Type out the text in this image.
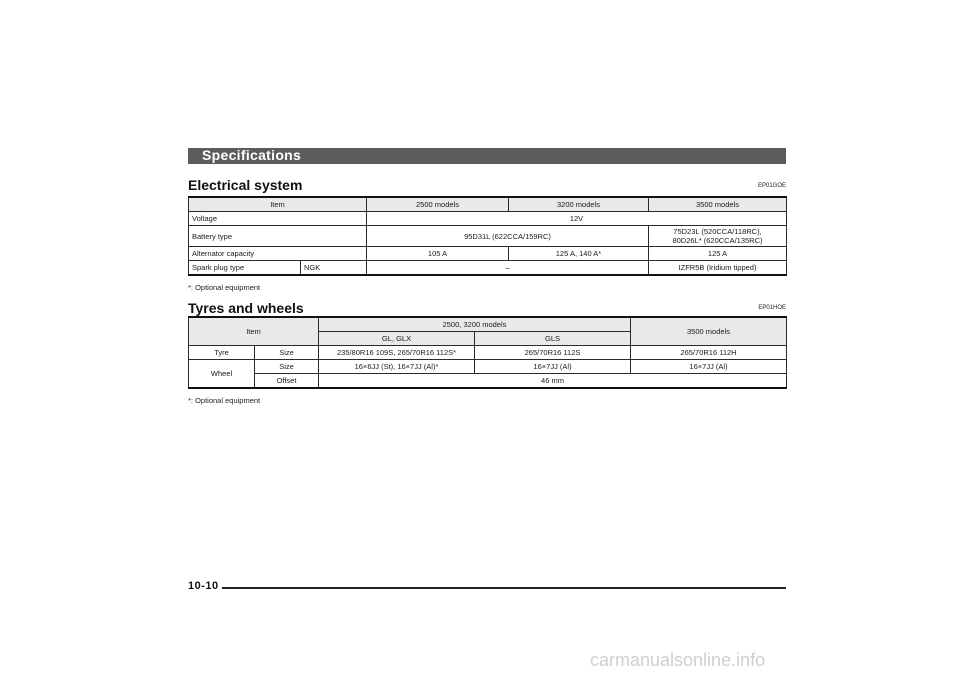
Specifications
Electrical system	EP01GOE
Item		2500 models	3200 models	3500 models
Voltage		12V		
Battery type		95D31L (622CCA/159RC)		75D23L (520CCA/118RC),
80D26L* (620CCA/135RC)

Alternator capacity		105 A	125 A, 140 A*	125 A
Spark plug type	NGK	–		IZFR5B (Iridium tipped)
*: Optional equipment
Tyres and wheels	EP01HOE
Item		2500, 3200 models		3500 models
		GL, GLX	GLS	
Tyre	Size	235/80R16 109S, 265/70R16 112S*	265/70R16 112S	265/70R16 112H
Wheel	Size	16×6JJ (St), 16×7JJ (Al)*	16×7JJ (Al)	16×7JJ (Al)
	Offset	46 mm		
*: Optional equipment
10-10
carmanualsonline.info
